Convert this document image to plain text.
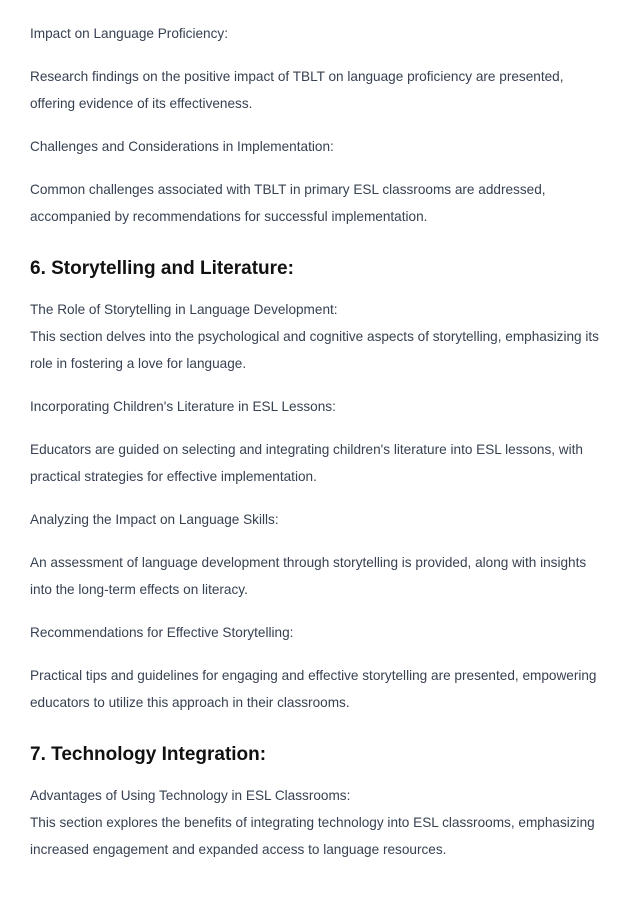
Impact on Language Proficiency:

Research findings on the positive impact of TBLT on language proficiency are presented, offering evidence of its effectiveness.

Challenges and Considerations in Implementation:

Common challenges associated with TBLT in primary ESL classrooms are addressed, accompanied by recommendations for successful implementation.

6. Storytelling and Literature:

The Role of Storytelling in Language Development:

This section delves into the psychological and cognitive aspects of storytelling, emphasizing its role in fostering a love for language.

Incorporating Children's Literature in ESL Lessons:

Educators are guided on selecting and integrating children's literature into ESL lessons, with practical strategies for effective implementation.

Analyzing the Impact on Language Skills:

An assessment of language development through storytelling is provided, along with insights into the long-term effects on literacy.

Recommendations for Effective Storytelling:

Practical tips and guidelines for engaging and effective storytelling are presented, empowering educators to utilize this approach in their classrooms.

7. Technology Integration:

Advantages of Using Technology in ESL Classrooms:

This section explores the benefits of integrating technology into ESL classrooms, emphasizing increased engagement and expanded access to language resources.
